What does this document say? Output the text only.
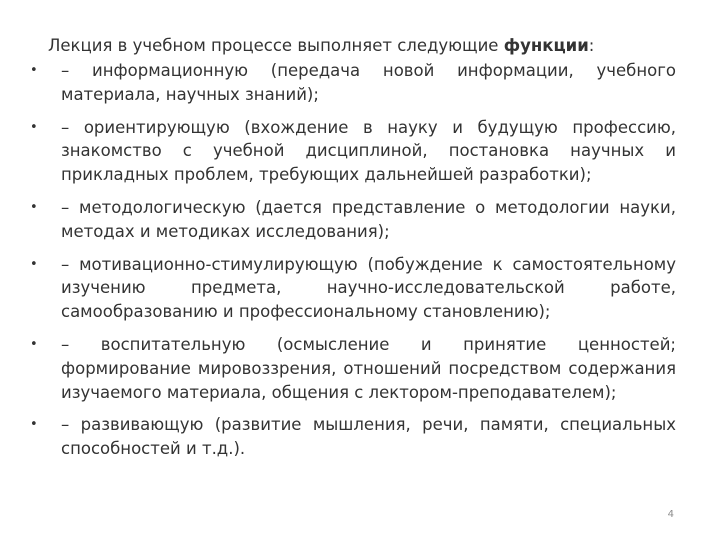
Лекция в учебном процессе выполняет следующие функции:
• – информационную (передача новой информации, учебного материала, научных знаний);
• – ориентирующую (вхождение в науку и будущую профессию, знакомство с учебной дисциплиной, постановка научных и прикладных проблем, требующих дальнейшей разработки);
• – методологическую (дается представление о методологии науки, методах и методиках исследования);
• – мотивационно-стимулирующую (побуждение к самостоятельному изучению предмета, научно-исследовательской работе, самообразованию и профессиональному становлению);
• – воспитательную (осмысление и принятие ценностей; формирование мировоззрения, отношений посредством содержания изучаемого материала, общения с лектором-преподавателем);
• – развивающую (развитие мышления, речи, памяти, специальных способностей и т.д.).
4
